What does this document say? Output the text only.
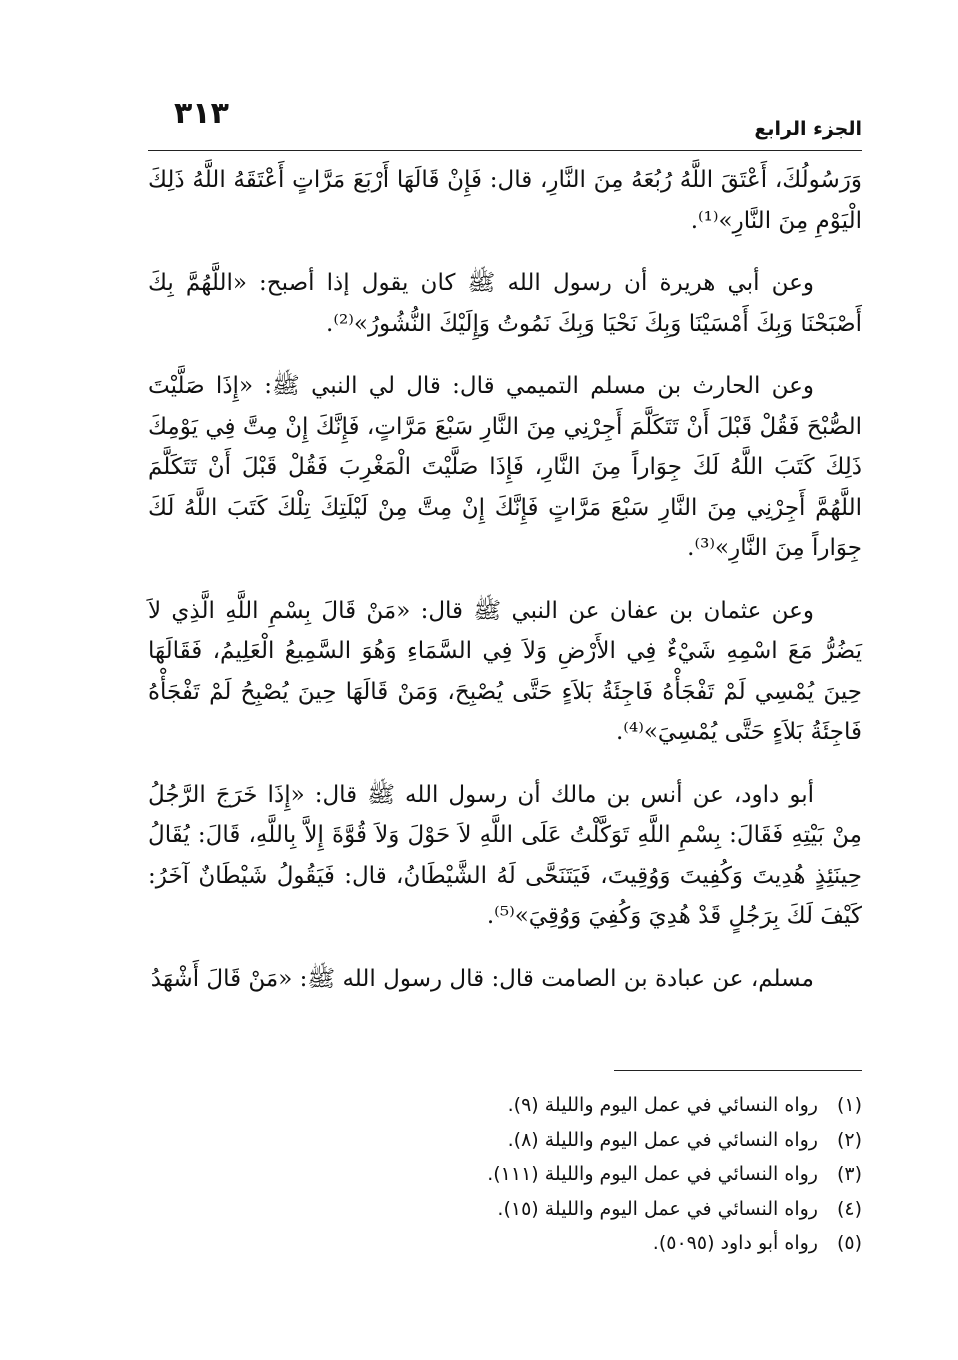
الجزء الرابع
٣١٣

وَرَسُولُكَ، أَعْتَقَ اللَّهُ رُبُعَهُ مِنَ النَّارِ، قال: فَإِنْ قَالَهَا أَرْبَعَ مَرَّاتٍ أَعْتَقَهُ اللَّهُ ذَلِكَ الْيَوْمِ مِنَ النَّارِ»⁽¹⁾.

وعن أبي هريرة أن رسول الله ﷺ كان يقول إذا أصبح: «اللَّهُمَّ بِكَ أَصْبَحْنَا وَبِكَ أَمْسَيْنَا وَبِكَ نَحْيَا وَبِكَ نَمُوتُ وَإِلَيْكَ النُّشُورُ»⁽²⁾.

وعن الحارث بن مسلم التميمي قال: قال لي النبي ﷺ: «إِذَا صَلَّيْتَ الصُّبْحَ فَقُلْ قَبْلَ أَنْ تَتَكَلَّمَ أَجِرْنِي مِنَ النَّارِ سَبْعَ مَرَّاتٍ، فَإِنَّكَ إِنْ مِتَّ فِي يَوْمِكَ ذَلِكَ كَتَبَ اللَّهُ لَكَ جِوَاراً مِنَ النَّارِ، فَإِذَا صَلَّيْتَ الْمَغْرِبَ فَقُلْ قَبْلَ أَنْ تَتَكَلَّمَ اللَّهُمَّ أَجِرْنِي مِنَ النَّارِ سَبْعَ مَرَّاتٍ فَإِنَّكَ إِنْ مِتَّ مِنْ لَيْلَتِكَ تِلْكَ كَتَبَ اللَّهُ لَكَ جِوَاراً مِنَ النَّارِ»⁽³⁾.

وعن عثمان بن عفان عن النبي ﷺ قال: «مَنْ قَالَ بِسْمِ اللَّهِ الَّذِي لاَ يَضُرُّ مَعَ اسْمِهِ شَيْءٌ فِي الأَرْضِ وَلاَ فِي السَّمَاءِ وَهُوَ السَّمِيعُ الْعَلِيمُ، فَقَالَهَا حِينَ يُمْسِي لَمْ تَفْجَأْهُ فَاجِئَةُ بَلاَءٍ حَتَّى يُصْبِحَ، وَمَنْ قَالَهَا حِينَ يُصْبِحُ لَمْ تَفْجَأْهُ فَاجِئَةُ بَلاَءٍ حَتَّى يُمْسِيَ»⁽⁴⁾.

أبو داود، عن أنس بن مالك أن رسول الله ﷺ قال: «إِذَا خَرَجَ الرَّجُلُ مِنْ بَيْتِهِ فَقَالَ: بِسْمِ اللَّهِ تَوَكَّلْتُ عَلَى اللَّهِ لاَ حَوْلَ وَلاَ قُوَّةَ إِلاَّ بِاللَّهِ، قَالَ: يُقَالُ حِينَئِذٍ هُدِيتَ وَكُفِيتَ وَوُقِيتَ، فَيَتَنَحَّى لَهُ الشَّيْطَانُ، قال: فَيَقُولُ شَيْطَانٌ آخَرُ: كَيْفَ لَكَ بِرَجُلٍ قَدْ هُدِيَ وَكُفِيَ وَوُقِيَ»⁽⁵⁾.

مسلم، عن عبادة بن الصامت قال: قال رسول الله ﷺ: «مَنْ قَالَ أَشْهَدُ

(١) رواه النسائي في عمل اليوم والليلة (٩).
(٢) رواه النسائي في عمل اليوم والليلة (٨).
(٣) رواه النسائي في عمل اليوم والليلة (١١١).
(٤) رواه النسائي في عمل اليوم والليلة (١٥).
(٥) رواه أبو داود (٥٠٩٥).
